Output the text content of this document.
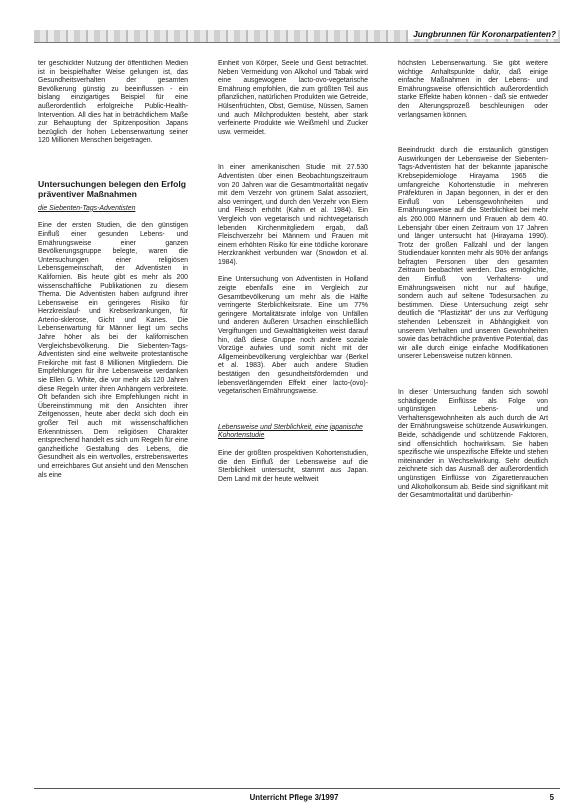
Jungbrunnen für Koronarpatienten?

ter geschickter Nutzung der öffentlichen Medien ist in beispielhafter Weise gelungen ist, das Gesundheitsverhalten der gesamten Bevölkerung günstig zu beeinflussen - ein bislang einzigartiges Beispiel für eine außerordentlich erfolgreiche Public-Health-Intervention. All dies hat in beträchtlichem Maße zur Behauptung der Spitzenposition Japans bezüglich der hohen Lebenserwartung seiner 120 Millionen Menschen beigetragen.

Untersuchungen belegen den Erfolg präventiver Maßnahmen

die Siebenten-Tags-Adventisten

Eine der ersten Studien, die den günstigen Einfluß einer gesunden Lebens- und Ernährungsweise einer ganzen Bevölkerungsgruppe belegte, waren die Untersuchungen einer religiösen Lebensgemeinschaft, der Adventisten in Kalifornien. Bis heute gibt es mehr als 200 wissenschaftliche Publikationen zu diesem Thema. Die Adventisten haben aufgrund ihrer Lebensweise ein geringeres Risiko für Herzkreislauf- und Krebserkrankungen, für Arterio-sklerose, Gicht und Karies. Die Lebenserwartung für Männer liegt um sechs Jahre höher als bei der kalifornischen Vergleichsbevölkerung. Die Siebenten-Tags-Adventisten sind eine weltweite protestantische Freikirche mit fast 8 Millionen Mitgliedern. Die Empfehlungen für ihre Lebensweise verdanken sie Ellen G. White, die vor mehr als 120 Jahren diese Regeln unter ihren Anhängern verbreitete. Oft befanden sich ihre Empfehlungen nicht in Übereinstimmung mit den Ansichten ihrer Zeitgenossen, heute aber deckt sich doch ein großer Teil auch mit wissenschaftlichen Erkenntnissen. Dem religiösen Charakter entsprechend handelt es sich um Regeln für eine ganzheitliche Gestaltung des Lebens, die Gesundheit als ein wertvolles, erstrebenswertes und erreichbares Gut ansieht und den Menschen als eine

Einheit von Körper, Seele und Geist betrachtet. Neben Vermeidung von Alkohol und Tabak wird eine ausgewogene lacto-ovo-vegetarische Ernährung empfohlen, die zum größten Teil aus pflanzlichen, natürlichen Produkten wie Getreide, Hülsenfrüchten, Obst, Gemüse, Nüssen, Samen und auch Milchprodukten besteht, aber stark verfeinerte Produkte wie Weißmehl und Zucker usw. vermeidet.

In einer amerikanischen Studie mit 27.530 Adventisten über einen Beobachtungszeitraum von 20 Jahren war die Gesamtmortalität negativ mit dem Verzehr von grünem Salat assoziiert, also verringert, und durch den Verzehr von Eiern und Fleisch erhöht (Kahn et al. 1984). Ein Vergleich von vegetarisch und nichtvegetarisch lebenden Kirchenmitgliedern ergab, daß Fleischverzehr bei Männern und Frauen mit einem erhöhten Risiko für eine tödliche koronare Herzkrankheit verbunden war (Snowdon et al. 1984).

Eine Untersuchung von Adventisten in Holland zeigte ebenfalls eine im Vergleich zur Gesamtbevölkerung um mehr als die Hälfte verringerte Sterblichkeitsrate. Eine um 77% geringere Mortalitätsrate infolge von Unfällen und anderen äußeren Ursachen einschließlich Vergiftungen und Gewalttätigkeiten weist darauf hin, daß diese Gruppe noch andere soziale Vorzüge aufwies und somit nicht mit der Allgemeinbevölkerung vergleichbar war (Berkel et al. 1983). Aber auch andere Studien bestätigen den gesundheitsfördernden und lebensverlängernden Effekt einer lacto-(ovo)-vegetarischen Ernährungsweise.

Lebensweise und Sterblichkeit, eine japanische Kohortenstudie

Eine der größten prospektiven Kohortenstudien, die den Einfluß der Lebensweise auf die Sterblichkeit untersucht, stammt aus Japan. Dem Land mit der heute weltweit

höchsten Lebenserwartung. Sie gibt weitere wichtige Anhaltspunkte dafür, daß einige einfache Maßnahmen in der Lebens- und Ernährungsweise offensichtlich außerordentlich starke Effekte haben können - daß sie entweder den Alterungsprozeß beschleunigen oder verlangsamen können.

Beeindruckt durch die erstaunlich günstigen Auswirkungen der Lebensweise der Siebenten-Tags-Adventisten hat der bekannte japanische Krebsepidemiologe Hirayama 1965 die umfangreiche Kohortenstudie in mehreren Präfekturen in Japan begonnen, in der er den Einfluß von Lebensgewohnheiten und Ernährungsweise auf die Sterblichkeit bei mehr als 260.000 Männern und Frauen ab dem 40. Lebensjahr über einen Zeitraum von 17 Jahren und länger untersucht hat (Hirayama 1990). Trotz der großen Fallzahl und der langen Studiendauer konnten mehr als 90% der anfangs befragten Personen über den gesamten Zeitraum beobachtet werden. Das ermöglichte, den Einfluß von Verhaltens- und Ernährungsweisen nicht nur auf häufige, sondern auch auf seltene Todesursachen zu bestimmen. Diese Untersuchung zeigt sehr deutlich die "Plastizität" der uns zur Verfügung stehenden Lebenszeit in Abhängigkeit von unserem Verhalten und unseren Gewohnheiten sowie das beträchtliche präventive Potential, das wir alle durch einige einfache Modifikationen unserer Lebensweise nutzen können.

In dieser Untersuchung fanden sich sowohl schädigende Einflüsse als Folge von ungünstigen Lebens- und Verhaltensgewohnheiten als auch durch die Art der Ernährungsweise schützende Auswirkungen. Beide, schädigende und schützende Faktoren, sind offensichtlich hochwirksam. Sie haben spezifische wie unspezifische Effekte und stehen miteinander in Wechselwirkung. Sehr deutlich zeichnete sich das Ausmaß der außerordentlich ungünstigen Einflüsse von Zigarettenrauchen und Alkoholkonsum ab. Beide sind signifikant mit der Gesamtmortalität und darüberhin-

Unterricht Pflege 3/1997	5
